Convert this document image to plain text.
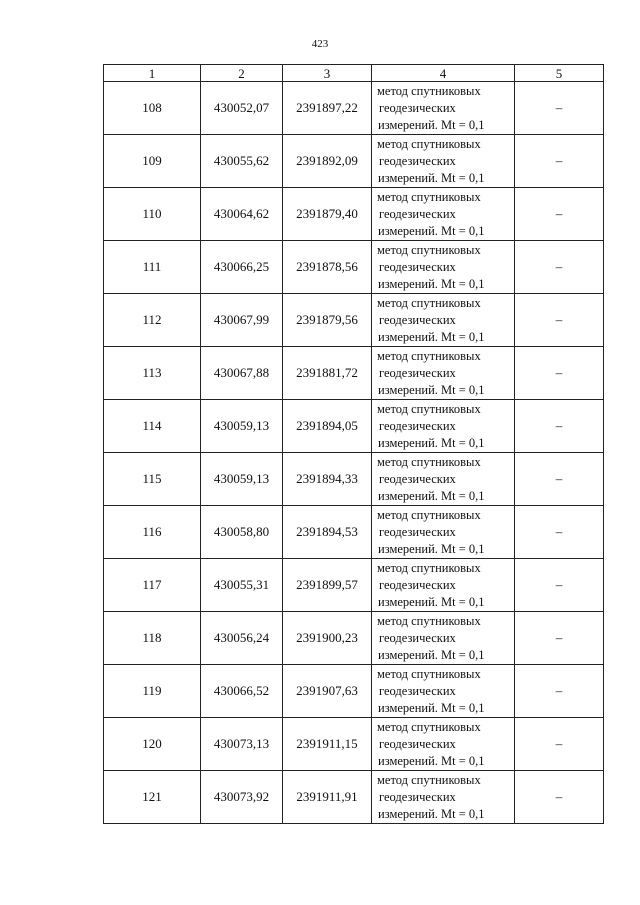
423
1	2	3	4	5
108	430052,07	2391897,22	метод спутниковых
геодезических
измерений. Mt = 0,1	–
109	430055,62	2391892,09	метод спутниковых
геодезических
измерений. Mt = 0,1	–
110	430064,62	2391879,40	метод спутниковых
геодезических
измерений. Mt = 0,1	–
111	430066,25	2391878,56	метод спутниковых
геодезических
измерений. Mt = 0,1	–
112	430067,99	2391879,56	метод спутниковых
геодезических
измерений. Mt = 0,1	–
113	430067,88	2391881,72	метод спутниковых
геодезических
измерений. Mt = 0,1	–
114	430059,13	2391894,05	метод спутниковых
геодезических
измерений. Mt = 0,1	–
115	430059,13	2391894,33	метод спутниковых
геодезических
измерений. Mt = 0,1	–
116	430058,80	2391894,53	метод спутниковых
геодезических
измерений. Mt = 0,1	–
117	430055,31	2391899,57	метод спутниковых
геодезических
измерений. Mt = 0,1	–
118	430056,24	2391900,23	метод спутниковых
геодезических
измерений. Mt = 0,1	–
119	430066,52	2391907,63	метод спутниковых
геодезических
измерений. Mt = 0,1	–
120	430073,13	2391911,15	метод спутниковых
геодезических
измерений. Mt = 0,1	–
121	430073,92	2391911,91	метод спутниковых
геодезических
измерений. Mt = 0,1	–
